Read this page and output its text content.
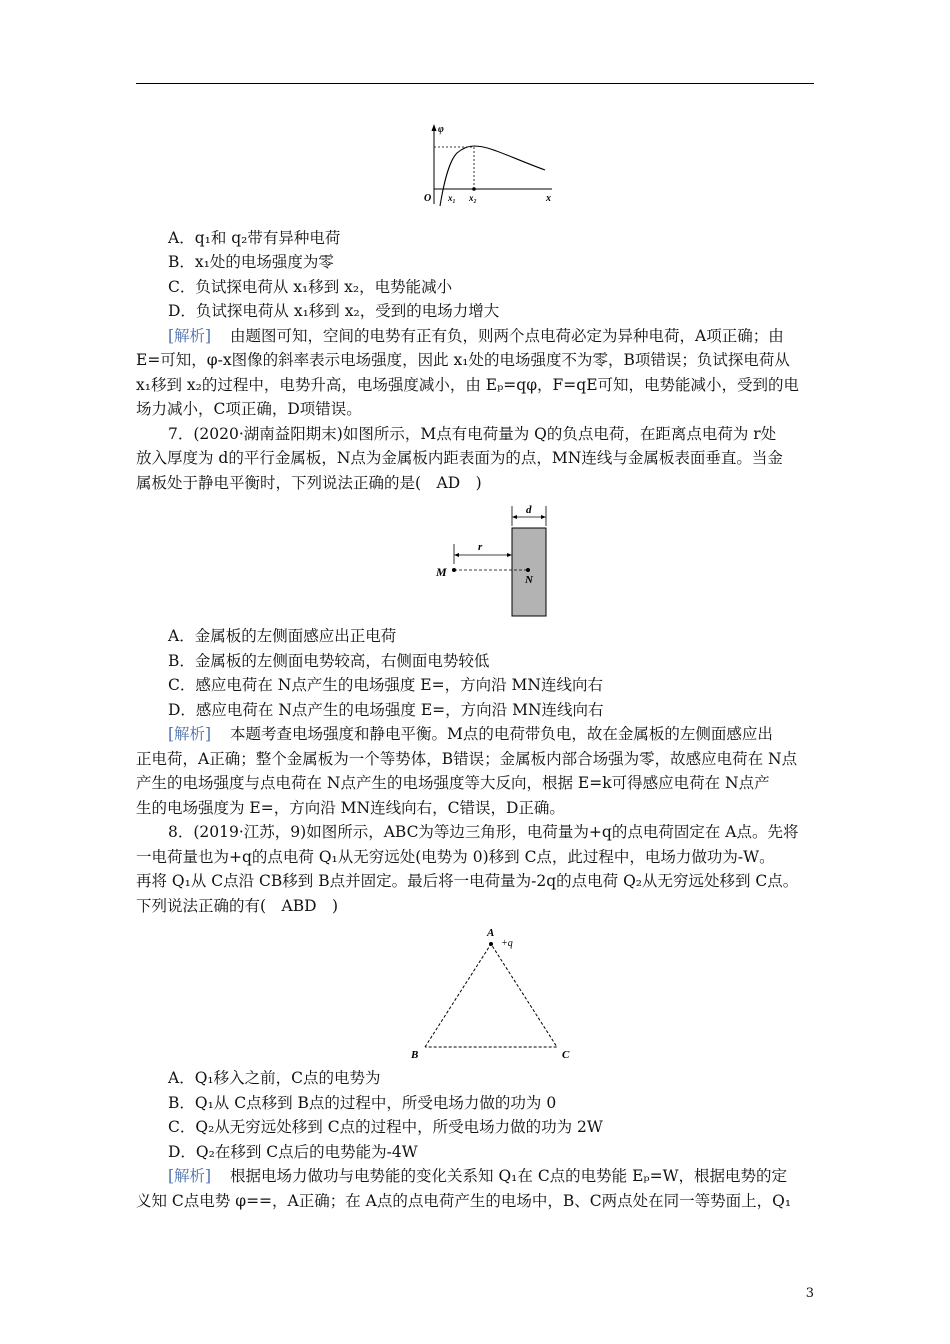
φ
O x₁ x₂	x
A．q₁和 q₂带有异种电荷
B．x₁处的电场强度为零
C．负试探电荷从 x₁移到 x₂，电势能减小
D．负试探电荷从 x₁移到 x₂，受到的电场力增大
[解析] 由题图可知，空间的电势有正有负，则两个点电荷必定为异种电荷，A项正确；由
E=可知，φ-x图像的斜率表示电场强度，因此 x₁处的电场强度不为零，B项错误；负试探电荷从
x₁移到 x₂的过程中，电势升高，电场强度减小，由 Eₚ=qφ，F=qE可知，电势能减小，受到的电
场力减小，C项正确，D项错误。
7．(2020·湖南益阳期末)如图所示，M点有电荷量为 Q的负点电荷，在距离点电荷为 r处
放入厚度为 d的平行金属板，N点为金属板内距表面为的点，MN连线与金属板表面垂直。当金
属板处于静电平衡时，下列说法正确的是(　AD　)
d
r
M
N
A．金属板的左侧面感应出正电荷
B．金属板的左侧面电势较高，右侧面电势较低
C．感应电荷在 N点产生的电场强度 E=，方向沿 MN连线向右
D．感应电荷在 N点产生的电场强度 E=，方向沿 MN连线向右
[解析] 本题考查电场强度和静电平衡。M点的电荷带负电，故在金属板的左侧面感应出
正电荷，A正确；整个金属板为一个等势体，B错误；金属板内部合场强为零，故感应电荷在 N点
产生的电场强度与点电荷在 N点产生的电场强度等大反向，根据 E=k可得感应电荷在 N点产
生的电场强度为 E=，方向沿 MN连线向右，C错误，D正确。
8．(2019·江苏，9)如图所示，ABC为等边三角形，电荷量为+q的点电荷固定在 A点。先将
一电荷量也为+q的点电荷 Q₁从无穷远处(电势为 0)移到 C点，此过程中，电场力做功为-W。
再将 Q₁从 C点沿 CB移到 B点并固定。最后将一电荷量为-2q的点电荷 Q₂从无穷远处移到 C点。
下列说法正确的有(　ABD　)
A
+q
B	C
A．Q₁移入之前，C点的电势为
B．Q₁从 C点移到 B点的过程中，所受电场力做的功为 0
C．Q₂从无穷远处移到 C点的过程中，所受电场力做的功为 2W
D．Q₂在移到 C点后的电势能为-4W
[解析] 根据电场力做功与电势能的变化关系知 Q₁在 C点的电势能 Eₚ=W，根据电势的定
义知 C点电势 φ==，A正确；在 A点的点电荷产生的电场中，B、C两点处在同一等势面上，Q₁
3
